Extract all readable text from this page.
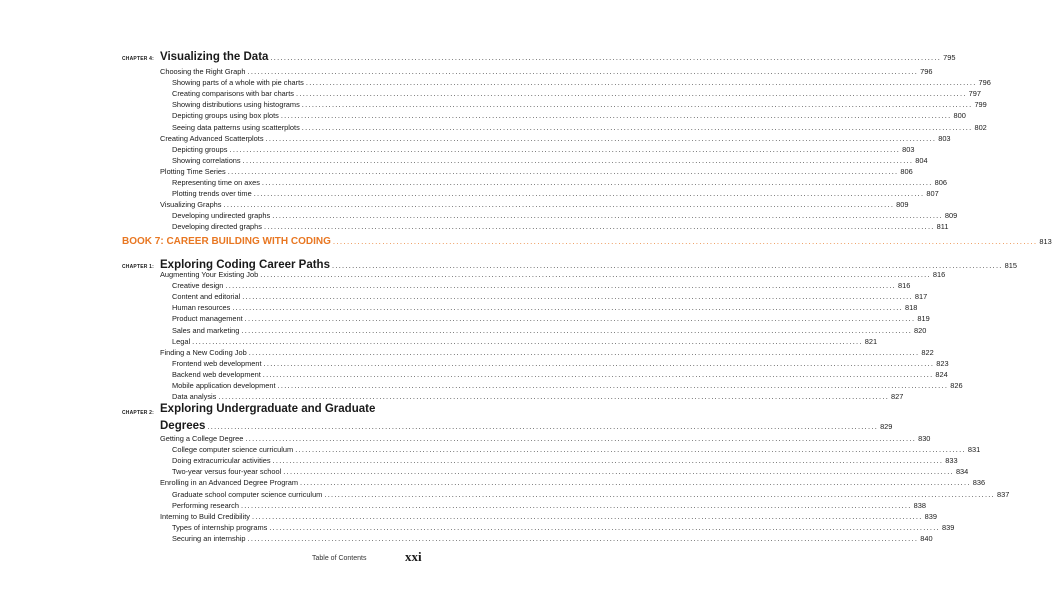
CHAPTER 4: Visualizing the Data ........................................................................................................................................................................................................ 795
Choosing the Right Graph ........................................................................................................................................................................................................ 796
Showing parts of a whole with pie charts ........................................................................................................................................................................................................ 796
Creating comparisons with bar charts ........................................................................................................................................................................................................ 797
Showing distributions using histograms ........................................................................................................................................................................................................ 799
Depicting groups using box plots ........................................................................................................................................................................................................ 800
Seeing data patterns using scatterplots ........................................................................................................................................................................................................ 802
Creating Advanced Scatterplots ........................................................................................................................................................................................................ 803
Depicting groups ........................................................................................................................................................................................................ 803
Showing correlations ........................................................................................................................................................................................................ 804
Plotting Time Series ........................................................................................................................................................................................................ 806
Representing time on axes ........................................................................................................................................................................................................ 806
Plotting trends over time ........................................................................................................................................................................................................ 807
Visualizing Graphs ........................................................................................................................................................................................................ 809
Developing undirected graphs ........................................................................................................................................................................................................ 809
Developing directed graphs ........................................................................................................................................................................................................ 811
BOOK 7: CAREER BUILDING WITH CODING ........................................................................................................................................................................................................ 813
CHAPTER 1: Exploring Coding Career Paths ........................................................................................................................................................................................................ 815
Augmenting Your Existing Job ........................................................................................................................................................................................................ 816
Creative design ........................................................................................................................................................................................................ 816
Content and editorial ........................................................................................................................................................................................................ 817
Human resources ........................................................................................................................................................................................................ 818
Product management ........................................................................................................................................................................................................ 819
Sales and marketing ........................................................................................................................................................................................................ 820
Legal ........................................................................................................................................................................................................ 821
Finding a New Coding Job ........................................................................................................................................................................................................ 822
Frontend web development ........................................................................................................................................................................................................ 823
Backend web development ........................................................................................................................................................................................................ 824
Mobile application development ........................................................................................................................................................................................................ 826
Data analysis ........................................................................................................................................................................................................ 827
CHAPTER 2: Exploring Undergraduate and Graduate
Degrees ........................................................................................................................................................................................................ 829
Getting a College Degree ........................................................................................................................................................................................................ 830
College computer science curriculum ........................................................................................................................................................................................................ 831
Doing extracurricular activities ........................................................................................................................................................................................................ 833
Two-year versus four-year school ........................................................................................................................................................................................................ 834
Enrolling in an Advanced Degree Program ........................................................................................................................................................................................................ 836
Graduate school computer science curriculum ........................................................................................................................................................................................................ 837
Performing research ........................................................................................................................................................................................................ 838
Interning to Build Credibility ........................................................................................................................................................................................................ 839
Types of internship programs ........................................................................................................................................................................................................ 839
Securing an internship ........................................................................................................................................................................................................ 840
Table of Contents	xxi
